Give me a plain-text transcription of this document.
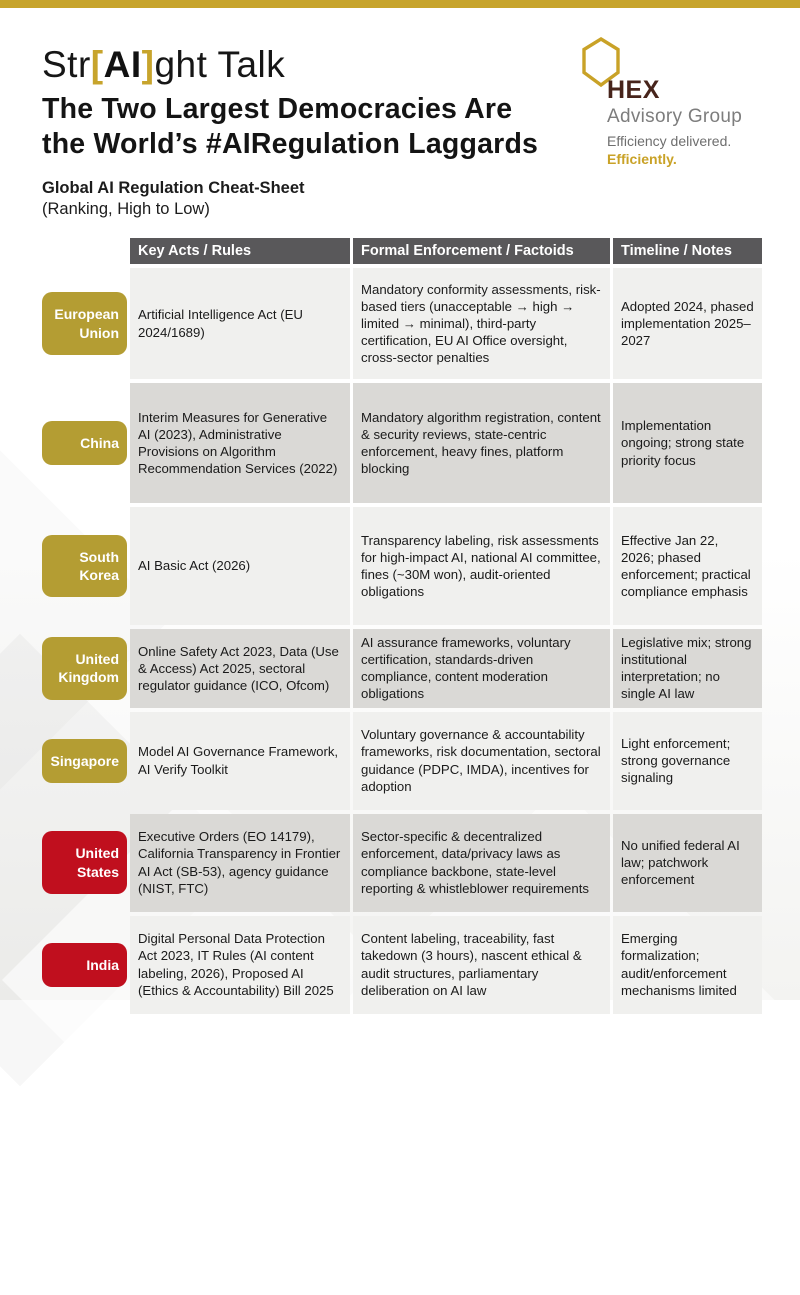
Str[AI]ght Talk
The Two Largest Democracies Are
the World’s #AIRegulation Laggards
HEX
Advisory Group
Efficiency delivered.
Efficiently.
Global AI Regulation Cheat-Sheet
(Ranking, High to Low)
Key Acts / Rules	Formal Enforcement / Factoids	Timeline / Notes
European Union
Artificial Intelligence Act (EU 2024/1689)
Mandatory conformity assessments, risk-based tiers (unacceptable → high → limited → minimal), third-party certification, EU AI Office oversight, cross-sector penalties
Adopted 2024, phased implementation 2025–2027
China
Interim Measures for Generative AI (2023), Administrative Provisions on Algorithm Recommendation Services (2022)
Mandatory algorithm registration, content & security reviews, state-centric enforcement, heavy fines, platform blocking
Implementation ongoing; strong state priority focus
South Korea
AI Basic Act (2026)
Transparency labeling, risk assessments for high-impact AI, national AI committee, fines (~30M won), audit-oriented obligations
Effective Jan 22, 2026; phased enforcement; practical compliance emphasis
United Kingdom
Online Safety Act 2023, Data (Use & Access) Act 2025, sectoral regulator guidance (ICO, Ofcom)
AI assurance frameworks, voluntary certification, standards-driven compliance, content moderation obligations
Legislative mix; strong institutional interpretation; no single AI law
Singapore
Model AI Governance Framework, AI Verify Toolkit
Voluntary governance & accountability frameworks, risk documentation, sectoral guidance (PDPC, IMDA), incentives for adoption
Light enforcement; strong governance signaling
United States
Executive Orders (EO 14179), California Transparency in Frontier AI Act (SB-53), agency guidance (NIST, FTC)
Sector-specific & decentralized enforcement, data/privacy laws as compliance backbone, state-level reporting & whistleblower requirements
No unified federal AI law; patchwork enforcement
India
Digital Personal Data Protection Act 2023, IT Rules (AI content labeling, 2026), Proposed AI (Ethics & Accountability) Bill 2025
Content labeling, traceability, fast takedown (3 hours), nascent ethical & audit structures, parliamentary deliberation on AI law
Emerging formalization; audit/enforcement mechanisms limited
